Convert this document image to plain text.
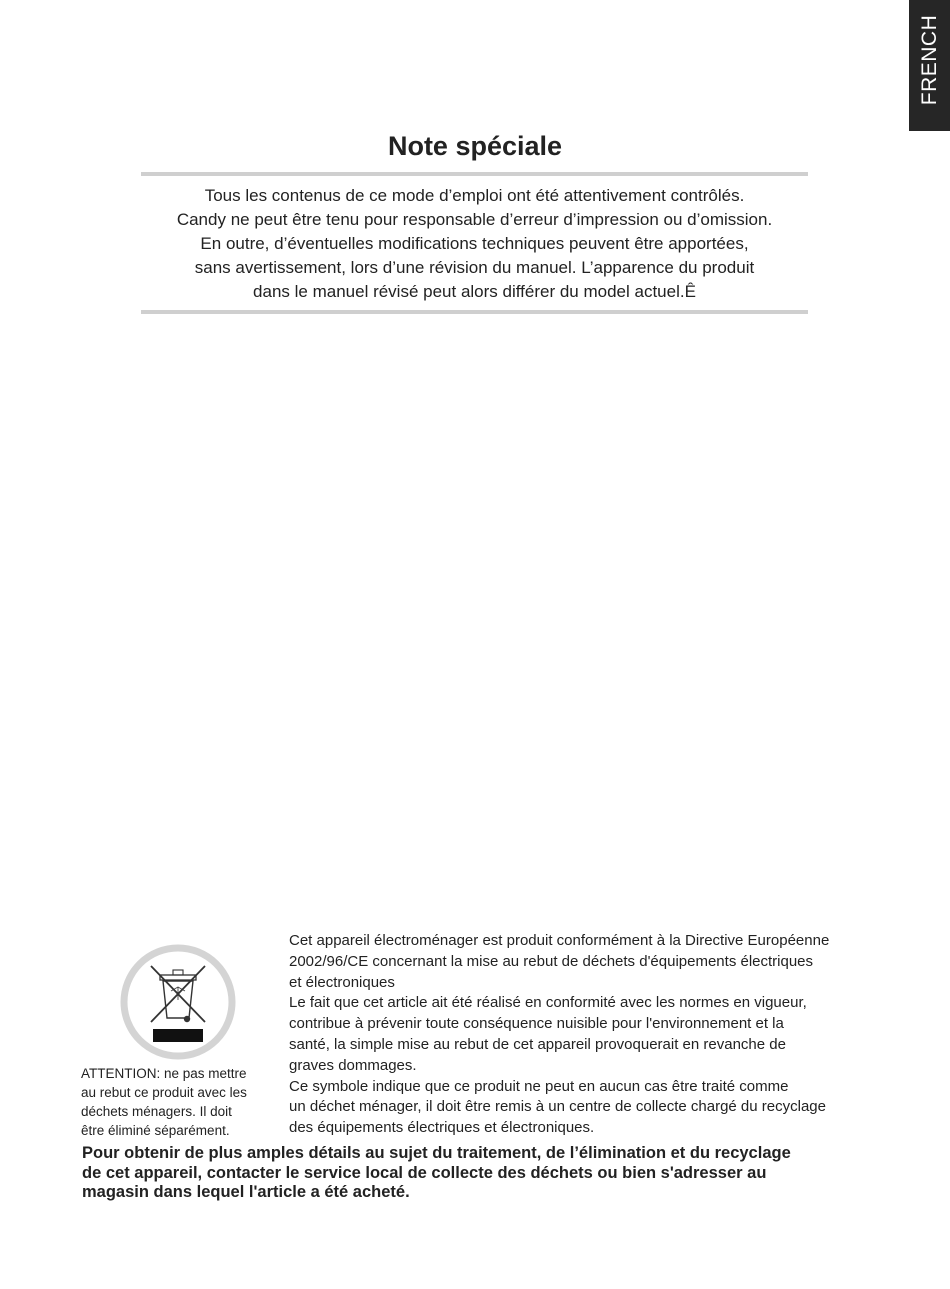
FRENCH
Note spéciale
Tous les contenus de ce mode d’emploi ont été attentivement contrôlés.
Candy ne peut être tenu pour responsable d’erreur d’impression ou d’omission.
En outre, d’éventuelles modifications techniques peuvent être apportées,
sans avertissement, lors d’une révision du manuel. L’apparence du produit
dans le manuel révisé peut alors différer du model actuel.Ê
ATTENTION: ne pas mettre
au rebut ce produit avec les
déchets ménagers. Il doit
être éliminé séparément.
Cet appareil électroménager est produit conformément à la Directive Européenne
2002/96/CE concernant la mise au rebut de déchets d'équipements électriques
et électroniques
Le fait que cet article ait été réalisé en conformité avec les normes en vigueur,
contribue à prévenir toute conséquence nuisible pour l'environnement et la
santé, la simple mise au rebut de cet appareil provoquerait en revanche de
graves dommages.
Ce symbole indique que ce produit ne peut en aucun cas être traité comme
un déchet ménager, il doit être remis à un centre de collecte chargé du recyclage
des équipements électriques et électroniques.
Pour obtenir de plus amples détails au sujet du traitement, de l’élimination et du recyclage
de cet appareil, contacter le service local de collecte des déchets ou bien s'adresser au
magasin dans lequel l'article a été acheté.
